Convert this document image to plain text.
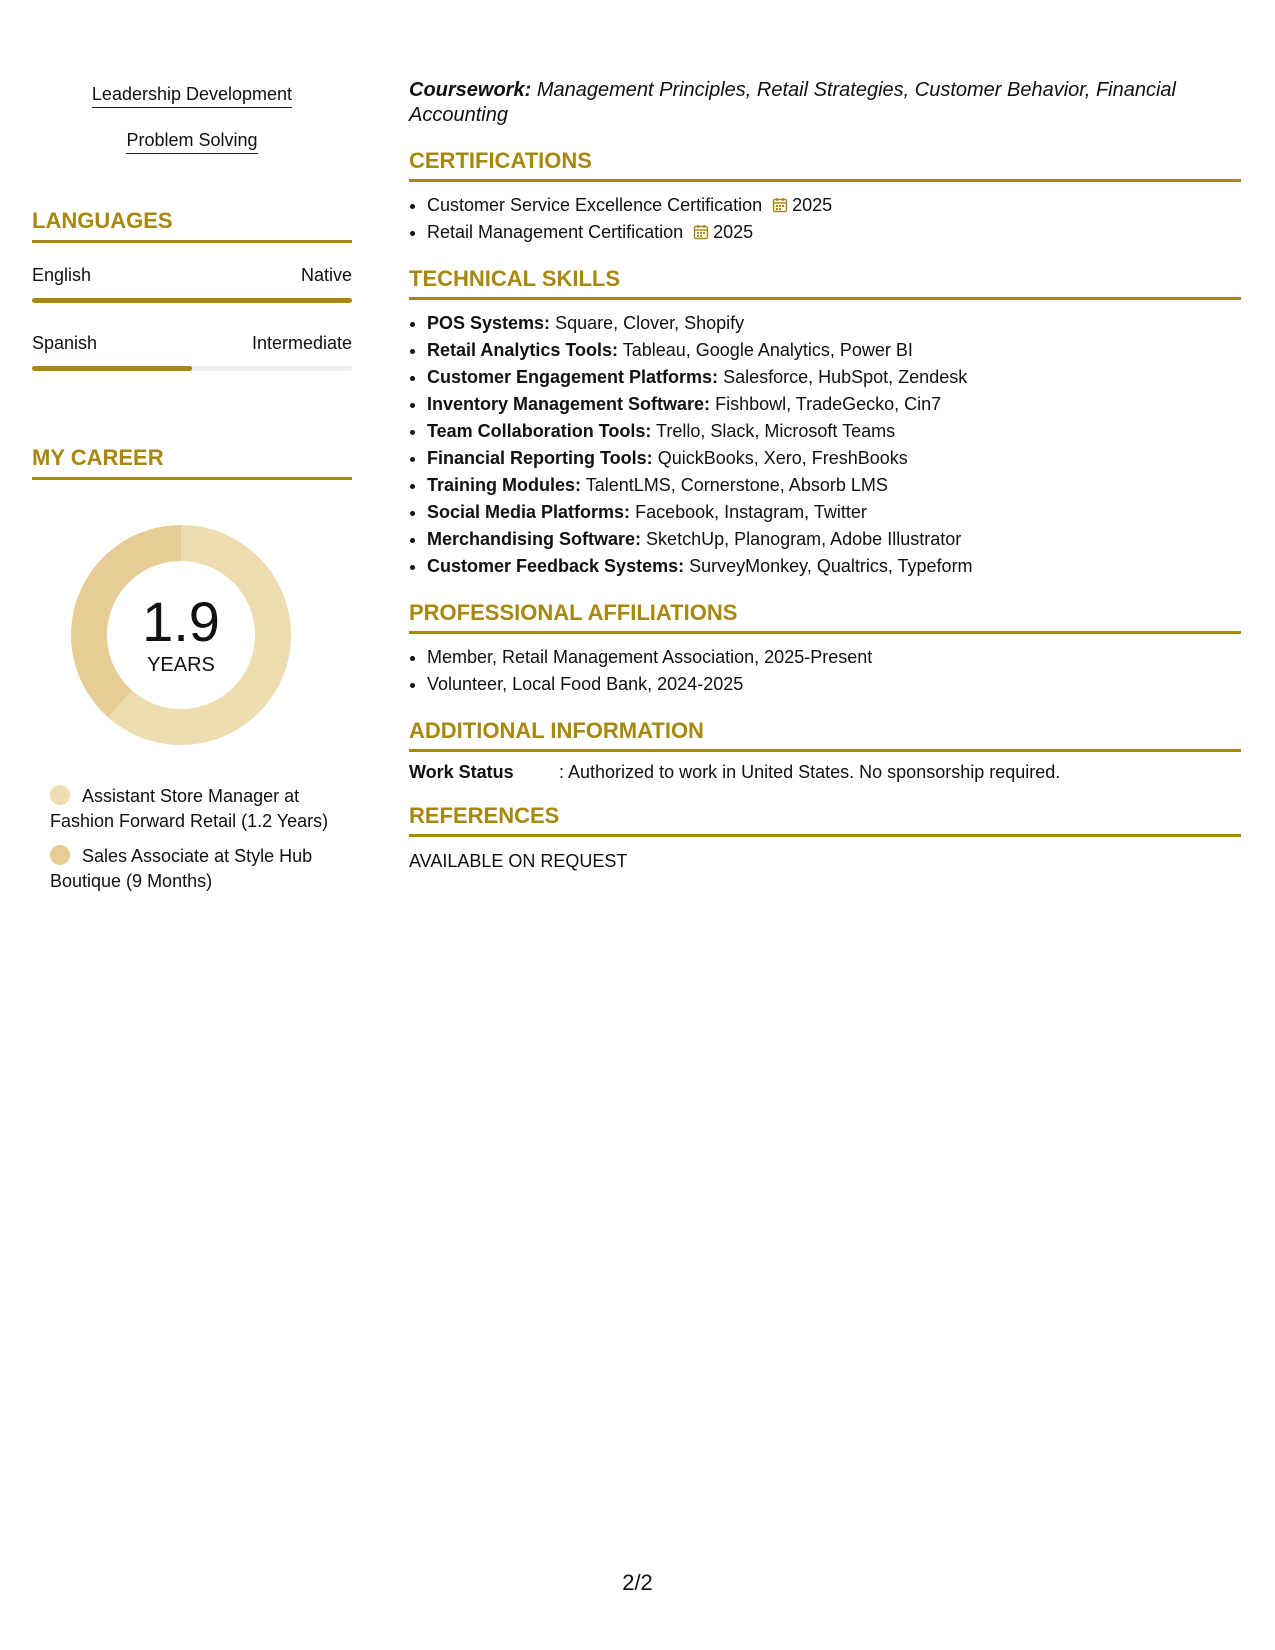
Leadership Development
Problem Solving
LANGUAGES
English	Native
Spanish	Intermediate
MY CAREER
1.9
YEARS
Assistant Store Manager at Fashion Forward Retail (1.2 Years)
Sales Associate at Style Hub Boutique (9 Months)

Coursework: Management Principles, Retail Strategies, Customer Behavior, Financial Accounting

CERTIFICATIONS
• Customer Service Excellence Certification 2025
• Retail Management Certification 2025
TECHNICAL SKILLS
• POS Systems: Square, Clover, Shopify
• Retail Analytics Tools: Tableau, Google Analytics, Power BI
• Customer Engagement Platforms: Salesforce, HubSpot, Zendesk
• Inventory Management Software: Fishbowl, TradeGecko, Cin7
• Team Collaboration Tools: Trello, Slack, Microsoft Teams
• Financial Reporting Tools: QuickBooks, Xero, FreshBooks
• Training Modules: TalentLMS, Cornerstone, Absorb LMS
• Social Media Platforms: Facebook, Instagram, Twitter
• Merchandising Software: SketchUp, Planogram, Adobe Illustrator
• Customer Feedback Systems: SurveyMonkey, Qualtrics, Typeform
PROFESSIONAL AFFILIATIONS
• Member, Retail Management Association, 2025-Present
• Volunteer, Local Food Bank, 2024-2025
ADDITIONAL INFORMATION
Work Status	: Authorized to work in United States. No sponsorship required.
REFERENCES
AVAILABLE ON REQUEST
2/2
